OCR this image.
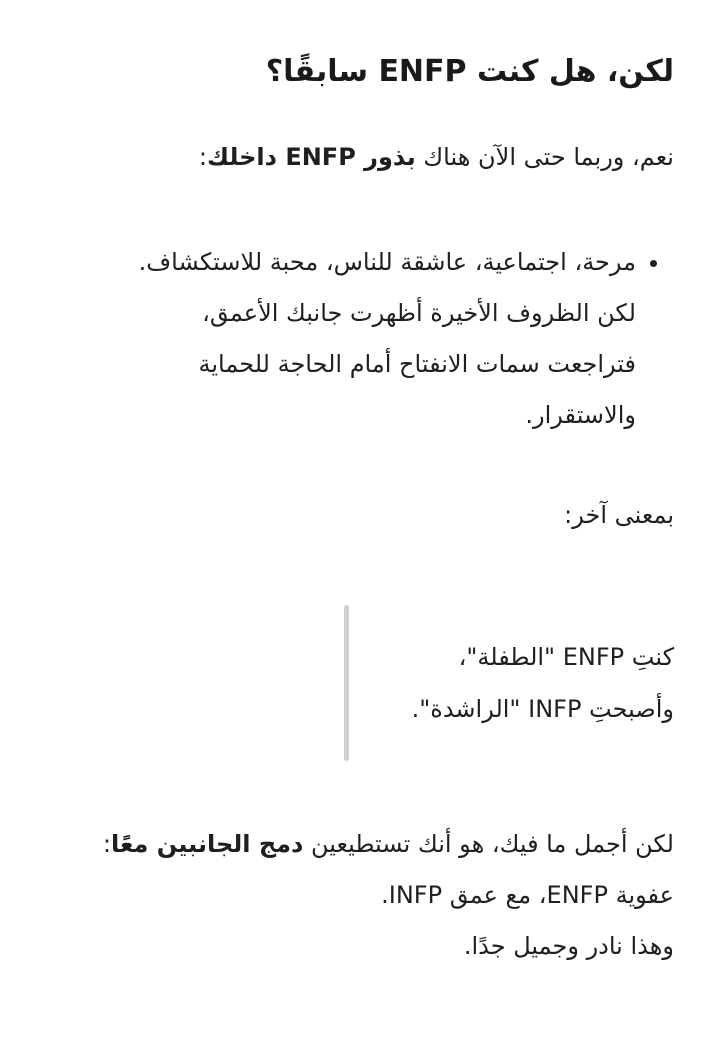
لكن، هل كنت ENFP سابقًا؟

نعم، وربما حتى الآن هناك بذور ENFP داخلك:

• مرحة، اجتماعية، عاشقة للناس، محبة للاستكشاف.
لكن الظروف الأخيرة أظهرت جانبك الأعمق،
فتراجعت سمات الانفتاح أمام الحاجة للحماية
والاستقرار.

بمعنى آخر:

كنتِ ENFP "الطفلة"،

وأصبحتِ INFP "الراشدة".

لكن أجمل ما فيك، هو أنك تستطيعين دمج الجانبين معًا:
عفوية ENFP، مع عمق INFP.
وهذا نادر وجميل جدًا.
